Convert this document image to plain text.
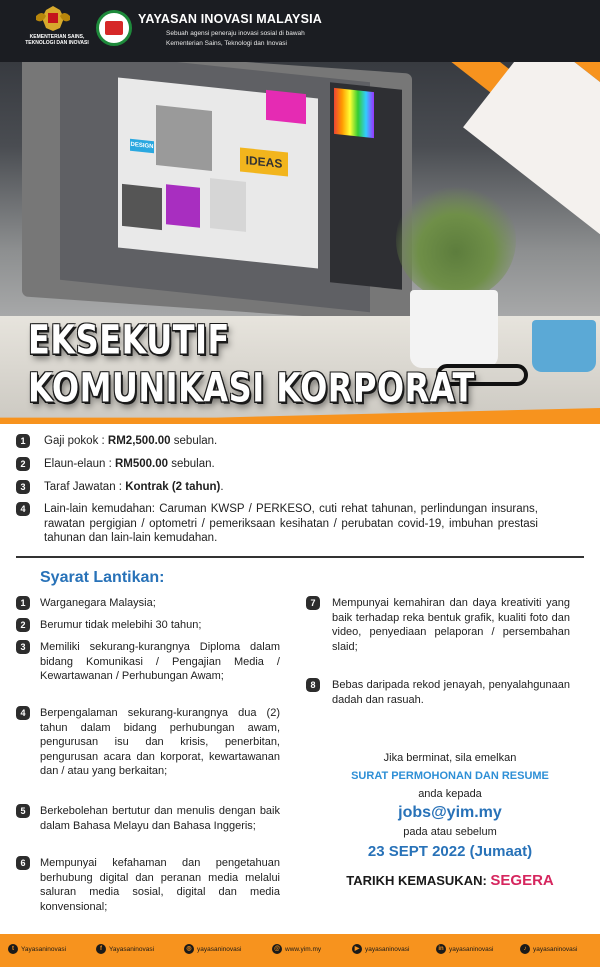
DESIGN
IDEAS
KEMENTERIAN SAINS, TEKNOLOGI DAN INOVASI
YAYASAN INOVASI MALAYSIA
Sebuah agensi peneraju inovasi sosial di bawah
Kementerian Sains, Teknologi dan Inovasi
EKSEKUTIF
KOMUNIKASI KORPORAT
1	Gaji pokok : RM2,500.00 sebulan.
2	Elaun-elaun : RM500.00 sebulan.
3	Taraf Jawatan : Kontrak (2 tahun).
4	Lain-lain kemudahan: Caruman KWSP / PERKESO, cuti rehat tahunan, perlindungan insurans, rawatan pergigian / optometri / pemeriksaan kesihatan / perubatan covid-19, imbuhan prestasi tahunan dan lain-lain kemudahan.
Syarat Lantikan:
1	Warganegara Malaysia;
2	Berumur tidak melebihi 30 tahun;
3	Memiliki sekurang-kurangnya Diploma dalam bidang Komunikasi / Pengajian Media / Kewartawanan / Perhubungan Awam;
4	Berpengalaman sekurang-kurangnya dua (2) tahun dalam bidang perhubungan awam, pengurusan isu dan krisis, penerbitan, pengurusan acara dan korporat, kewartawanan dan / atau yang berkaitan;
5	Berkebolehan bertutur dan menulis dengan baik dalam Bahasa Melayu dan Bahasa Inggeris;
6	Mempunyai kefahaman dan pengetahuan berhubung digital dan peranan media melalui saluran media sosial, digital dan media konvensional;
7	Mempunyai kemahiran dan daya kreativiti yang baik terhadap reka bentuk grafik, kualiti foto dan video, penyediaan pelaporan / persembahan slaid;
8	Bebas daripada rekod jenayah, penyalahgunaan dadah dan rasuah.
Jika berminat, sila emelkan
SURAT PERMOHONAN DAN RESUME
anda kepada
jobs@yim.my
pada atau sebelum
23 SEPT 2022 (Jumaat)
TARIKH KEMASUKAN: SEGERA
t	Yayasaninovasi	f	Yayasaninovasi	◎ yayasaninovasi	@ www.yim.my	▶ yayasaninovasi	in yayasaninovasi	♪	yayasaninovasi
